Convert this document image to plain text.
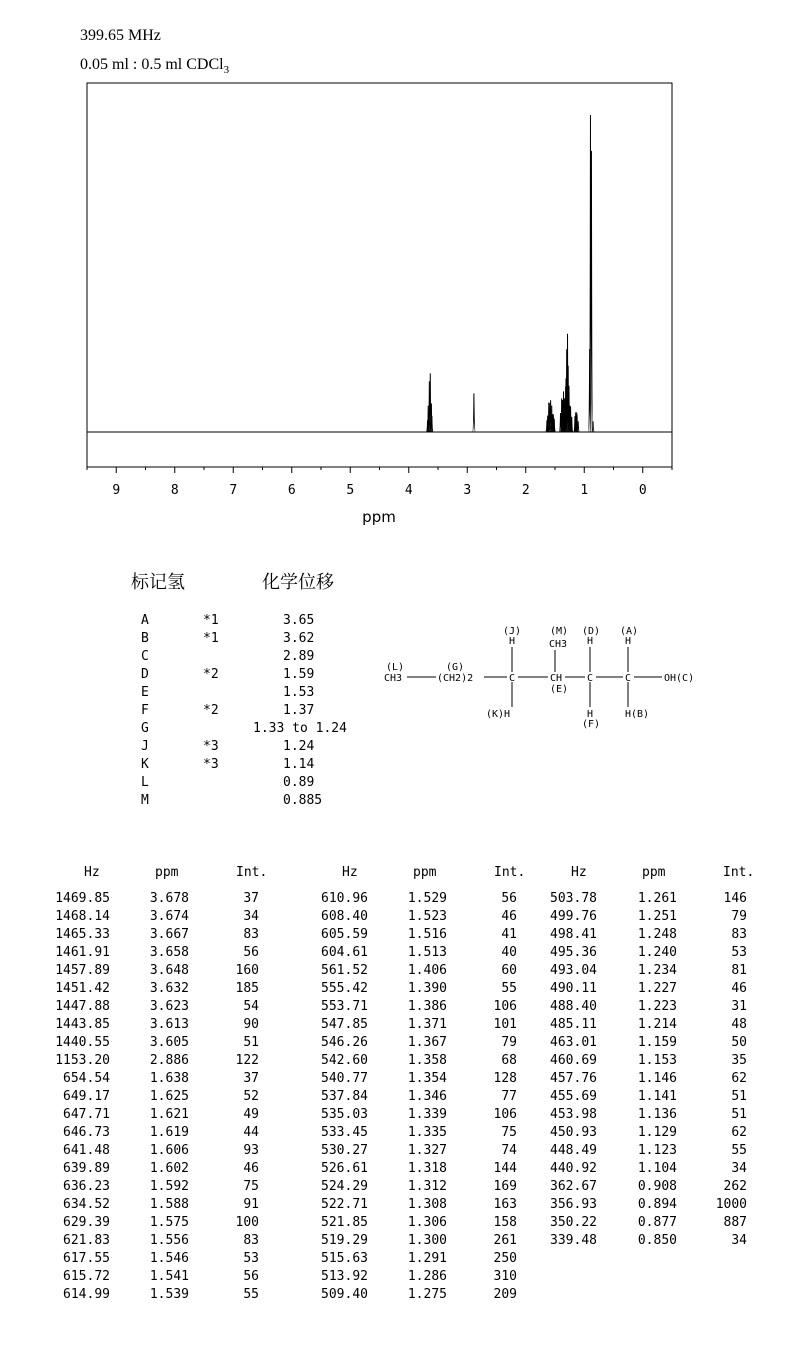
399.65 MHz
0.05 ml : 0.5 ml CDCl$_3$
9	8	7	6	5	4	3	2	1	0
ppm
标记氢	化学位移
A	*1	3.65
B	*1	3.62
C	2.89
D	*2	1.59
E	1.53
F	*2	1.37
G	1.33 to 1.24
J	*3	1.24
K	*3	1.14
L	0.89
M	0.885
(L)
CH3
(G)
(CH2)2
(J)
H
(M)
CH3
(D)
H
(A)
H
C	CH C	C	OH(C)
(E)
(K)H	H
(F)
H(B)
Hz	ppm	Int.
1469.85	3.678	37
1468.14	3.674	34
1465.33	3.667	83
1461.91	3.658	56
1457.89	3.648	160
1451.42	3.632	185
1447.88	3.623	54
1443.85	3.613	90
1440.55	3.605	51
1153.20	2.886	122
654.54	1.638	37
649.17	1.625	52
647.71	1.621	49
646.73	1.619	44
641.48	1.606	93
639.89	1.602	46
636.23	1.592	75
634.52	1.588	91
629.39	1.575	100
621.83	1.556	83
617.55	1.546	53
615.72	1.541	56
614.99	1.539	55
Hz	ppm	Int.
610.96	1.529	56
608.40	1.523	46
605.59	1.516	41
604.61	1.513	40
561.52	1.406	60
555.42	1.390	55
553.71	1.386	106
547.85	1.371	101
546.26	1.367	79
542.60	1.358	68
540.77	1.354	128
537.84	1.346	77
535.03	1.339	106
533.45	1.335	75
530.27	1.327	74
526.61	1.318	144
524.29	1.312	169
522.71	1.308	163
521.85	1.306	158
519.29	1.300	261
515.63	1.291	250
513.92	1.286	310
509.40	1.275	209
Hz	ppm	Int.
503.78	1.261	146
499.76	1.251	79
498.41	1.248	83
495.36	1.240	53
493.04	1.234	81
490.11	1.227	46
488.40	1.223	31
485.11	1.214	48
463.01	1.159	50
460.69	1.153	35
457.76	1.146	62
455.69	1.141	51
453.98	1.136	51
450.93	1.129	62
448.49	1.123	55
440.92	1.104	34
362.67	0.908	262
356.93	0.894	1000
350.22	0.877	887
339.48	0.850	34
